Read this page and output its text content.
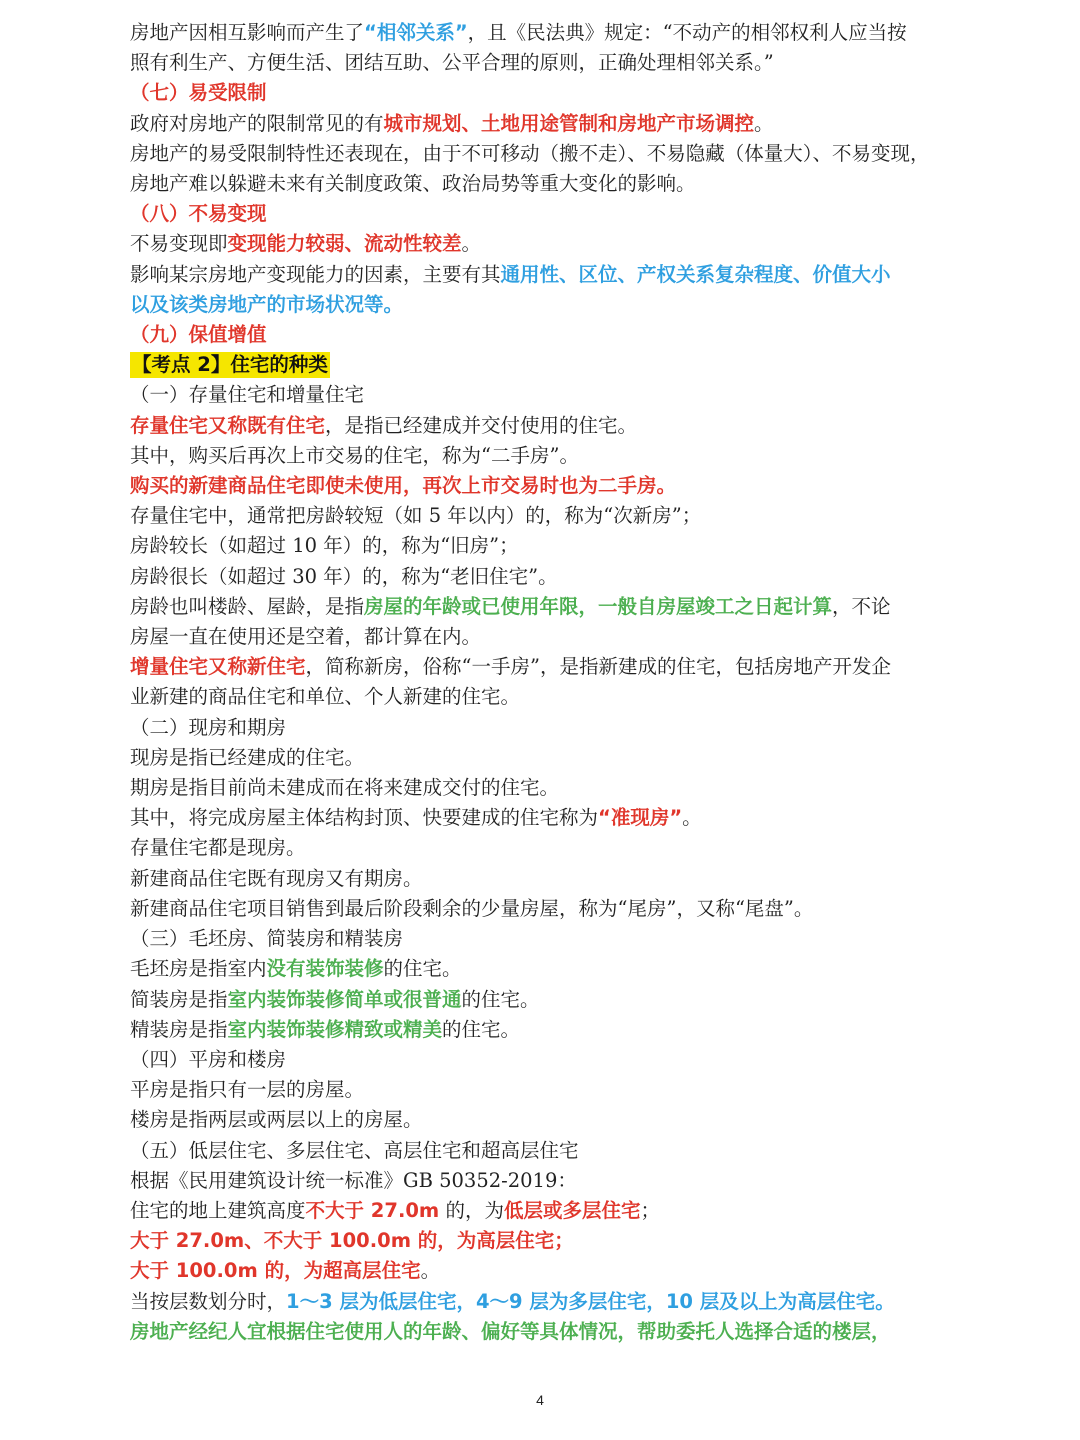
房地产因相互影响而产生了“相邻关系”，且《民法典》规定：“不动产的相邻权利人应当按

照有利生产、方便生活、团结互助、公平合理的原则，正确处理相邻关系。”

（七）易受限制

政府对房地产的限制常见的有城市规划、土地用途管制和房地产市场调控。

房地产的易受限制特性还表现在，由于不可移动（搬不走）、不易隐藏（体量大）、不易变现，

房地产难以躲避未来有关制度政策、政治局势等重大变化的影响。

（八）不易变现

不易变现即变现能力较弱、流动性较差。

影响某宗房地产变现能力的因素，主要有其通用性、区位、产权关系复杂程度、价值大小

以及该类房地产的市场状况等。

（九）保值增值

【考点 2】住宅的种类

（一）存量住宅和增量住宅

存量住宅又称既有住宅，是指已经建成并交付使用的住宅。

其中，购买后再次上市交易的住宅，称为“二手房”。

购买的新建商品住宅即使未使用，再次上市交易时也为二手房。

存量住宅中，通常把房龄较短（如 5 年以内）的，称为“次新房”；

房龄较长（如超过 10 年）的，称为“旧房”；

房龄很长（如超过 30 年）的，称为“老旧住宅”。

房龄也叫楼龄、屋龄，是指房屋的年龄或已使用年限，一般自房屋竣工之日起计算，不论

房屋一直在使用还是空着，都计算在内。

增量住宅又称新住宅，简称新房，俗称“一手房”，是指新建成的住宅，包括房地产开发企

业新建的商品住宅和单位、个人新建的住宅。

（二）现房和期房

现房是指已经建成的住宅。

期房是指目前尚未建成而在将来建成交付的住宅。

其中，将完成房屋主体结构封顶、快要建成的住宅称为“准现房”。

存量住宅都是现房。

新建商品住宅既有现房又有期房。

新建商品住宅项目销售到最后阶段剩余的少量房屋，称为“尾房”，又称“尾盘”。

（三）毛坯房、简装房和精装房

毛坯房是指室内没有装饰装修的住宅。

简装房是指室内装饰装修简单或很普通的住宅。

精装房是指室内装饰装修精致或精美的住宅。

（四）平房和楼房

平房是指只有一层的房屋。

楼房是指两层或两层以上的房屋。

（五）低层住宅、多层住宅、高层住宅和超高层住宅

根据《民用建筑设计统一标准》GB 50352-2019：

住宅的地上建筑高度不大于 27.0m 的，为低层或多层住宅；

大于 27.0m、不大于 100.0m 的，为高层住宅；

大于 100.0m 的，为超高层住宅。

当按层数划分时，1～3 层为低层住宅，4～9 层为多层住宅，10 层及以上为高层住宅。

房地产经纪人宜根据住宅使用人的年龄、偏好等具体情况，帮助委托人选择合适的楼层，

4
